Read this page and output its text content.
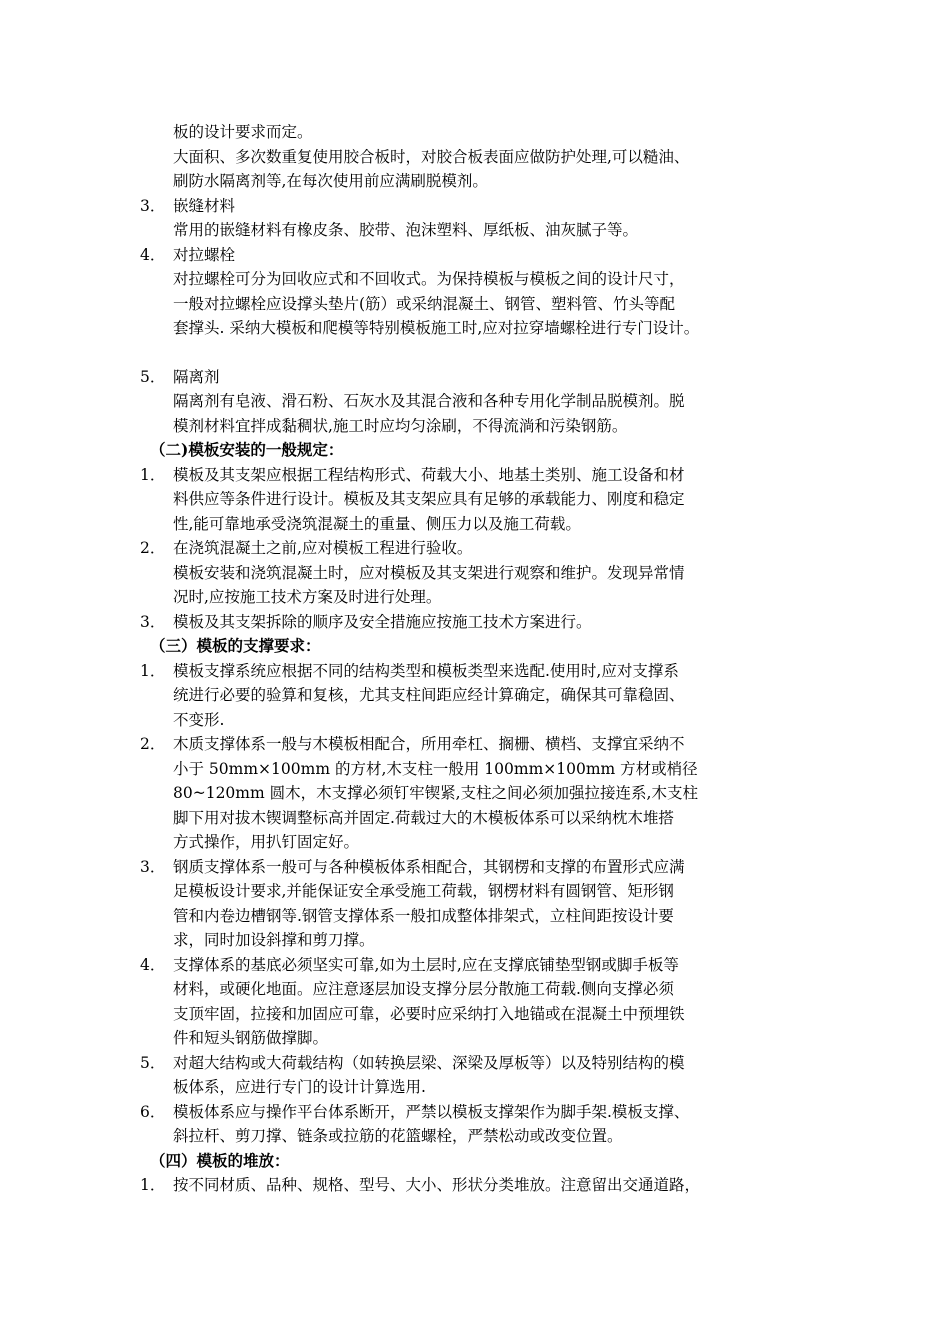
板的设计要求而定。
大面积、多次数重复使用胶合板时，对胶合板表面应做防护处理,可以糙油、
刷防水隔离剂等,在每次使用前应满刷脱模剂。
3． 嵌缝材料
常用的嵌缝材料有橡皮条、胶带、泡沫塑料、厚纸板、油灰腻子等。
4． 对拉螺栓
对拉螺栓可分为回收应式和不回收式。为保持模板与模板之间的设计尺寸，
一般对拉螺栓应设撑头垫片(筋）或采纳混凝土、钢管、塑料管、竹头等配
套撑头. 采纳大模板和爬模等特别模板施工时,应对拉穿墙螺栓进行专门设计。
5． 隔离剂
隔离剂有皂液、滑石粉、石灰水及其混合液和各种专用化学制品脱模剂。脱
模剂材料宜拌成黏稠状,施工时应均匀涂刷，不得流淌和污染钢筋。
（二)模板安装的一般规定：
1． 模板及其支架应根据工程结构形式、荷载大小、地基土类别、施工设备和材
料供应等条件进行设计。模板及其支架应具有足够的承载能力、刚度和稳定
性,能可靠地承受浇筑混凝土的重量、侧压力以及施工荷载。
2． 在浇筑混凝土之前,应对模板工程进行验收。
模板安装和浇筑混凝土时，应对模板及其支架进行观察和维护。发现异常情
况时,应按施工技术方案及时进行处理。
3． 模板及其支架拆除的顺序及安全措施应按施工技术方案进行。
（三）模板的支撑要求：
1． 模板支撑系统应根据不同的结构类型和模板类型来选配.使用时,应对支撑系
统进行必要的验算和复核，尤其支柱间距应经计算确定，确保其可靠稳固、
不变形.
2． 木质支撑体系一般与木模板相配合，所用牵杠、搁栅、横档、支撑宜采纳不
小于 50mm×100mm 的方材,木支柱一般用 100mm×100mm 方材或梢径
80~120mm 圆木，木支撑必须钉牢锲紧,支柱之间必须加强拉接连系,木支柱
脚下用对拔木锲调整标高并固定.荷载过大的木模板体系可以采纳枕木堆搭
方式操作，用扒钉固定好。
3． 钢质支撑体系一般可与各种模板体系相配合，其钢楞和支撑的布置形式应满
足模板设计要求,并能保证安全承受施工荷载，钢楞材料有圆钢管、矩形钢
管和内卷边槽钢等.钢管支撑体系一般扣成整体排架式，立柱间距按设计要
求，同时加设斜撑和剪刀撑。
4． 支撑体系的基底必须坚实可靠,如为土层时,应在支撑底铺垫型钢或脚手板等
材料，或硬化地面。应注意逐层加设支撑分层分散施工荷载.侧向支撑必须
支顶牢固，拉接和加固应可靠，必要时应采纳打入地锚或在混凝土中预埋铁
件和短头钢筋做撑脚。
5． 对超大结构或大荷载结构（如转换层梁、深梁及厚板等）以及特别结构的模
板体系，应进行专门的设计计算选用.
6． 模板体系应与操作平台体系断开，严禁以模板支撑架作为脚手架.模板支撑、
斜拉杆、剪刀撑、链条或拉筋的花篮螺栓，严禁松动或改变位置。
（四）模板的堆放：
1． 按不同材质、品种、规格、型号、大小、形状分类堆放。注意留出交通道路，
